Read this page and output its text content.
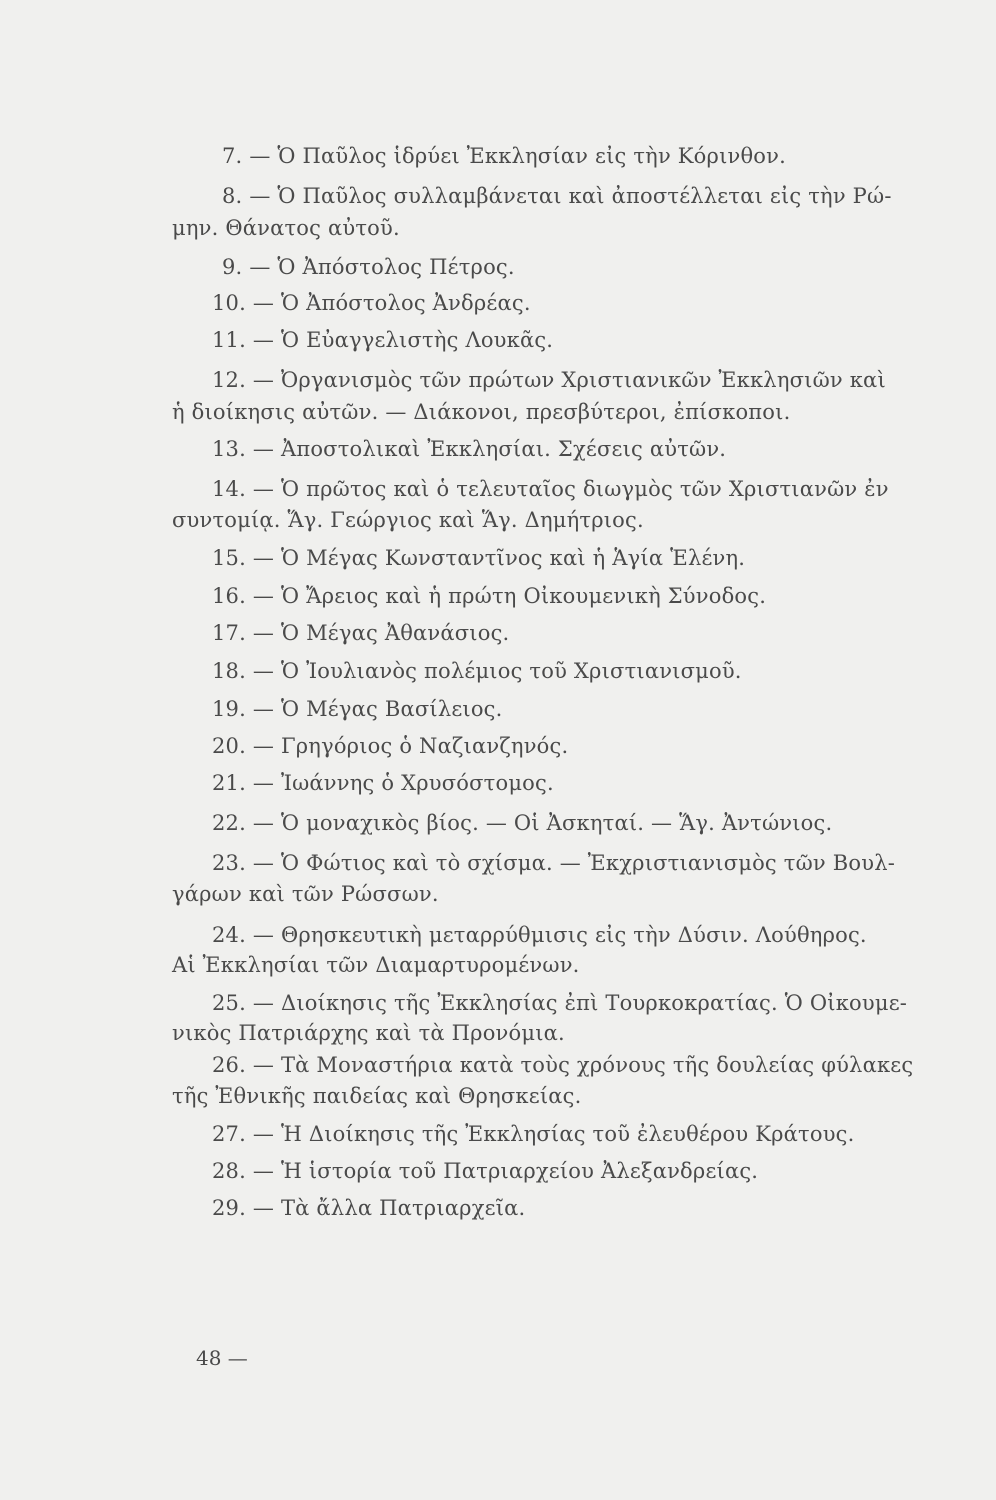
7. — Ὁ Παῦλος ἱδρύει Ἐκκλησίαν εἰς τὴν Κόρινθον.
8. — Ὁ Παῦλος συλλαμβάνεται καὶ ἀποστέλλεται εἰς τὴν Ρώ-
μην. Θάνατος αὐτοῦ.
9. — Ὁ Ἀπόστολος Πέτρος.
10. — Ὁ Ἀπόστολος Ἀνδρέας.
11. — Ὁ Εὐαγγελιστὴς Λουκᾶς.
12. — Ὀργανισμὸς τῶν πρώτων Χριστιανικῶν Ἐκκλησιῶν καὶ
ἡ διοίκησις αὐτῶν. — Διάκονοι, πρεσβύτεροι, ἐπίσκοποι.
13. — Ἀποστολικαὶ Ἐκκλησίαι. Σχέσεις αὐτῶν.
14. — Ὁ πρῶτος καὶ ὁ τελευταῖος διωγμὸς τῶν Χριστιανῶν ἐν
συντομίᾳ. Ἅγ. Γεώργιος καὶ Ἅγ. Δημήτριος.
15. — Ὁ Μέγας Κωνσταντῖνος καὶ ἡ Ἁγία Ἑλένη.
16. — Ὁ Ἄρειος καὶ ἡ πρώτη Οἰκουμενικὴ Σύνοδος.
17. — Ὁ Μέγας Ἀθανάσιος.
18. — Ὁ Ἰουλιανὸς πολέμιος τοῦ Χριστιανισμοῦ.
19. — Ὁ Μέγας Βασίλειος.
20. — Γρηγόριος ὁ Ναζιανζηνός.
21. — Ἰωάννης ὁ Χρυσόστομος.
22. — Ὁ μοναχικὸς βίος. — Οἱ Ἀσκηταί. — Ἅγ. Ἀντώνιος.
23. — Ὁ Φώτιος καὶ τὸ σχίσμα. — Ἐκχριστιανισμὸς τῶν Βουλ-
γάρων καὶ τῶν Ρώσσων.
24. — Θρησκευτικὴ μεταρρύθμισις εἰς τὴν Δύσιν. Λούθηρος.
Αἱ Ἐκκλησίαι τῶν Διαμαρτυρομένων.
25. — Διοίκησις τῆς Ἐκκλησίας ἐπὶ Τουρκοκρατίας. Ὁ Οἰκουμε-
νικὸς Πατριάρχης καὶ τὰ Προνόμια.
26. — Τὰ Μοναστήρια κατὰ τοὺς χρόνους τῆς δουλείας φύλακες
τῆς Ἐθνικῆς παιδείας καὶ Θρησκείας.
27. — Ἡ Διοίκησις τῆς Ἐκκλησίας τοῦ ἐλευθέρου Κράτους.
28. — Ἡ ἱστορία τοῦ Πατριαρχείου Ἀλεξανδρείας.
29. — Τὰ ἄλλα Πατριαρχεῖα.
48 —
